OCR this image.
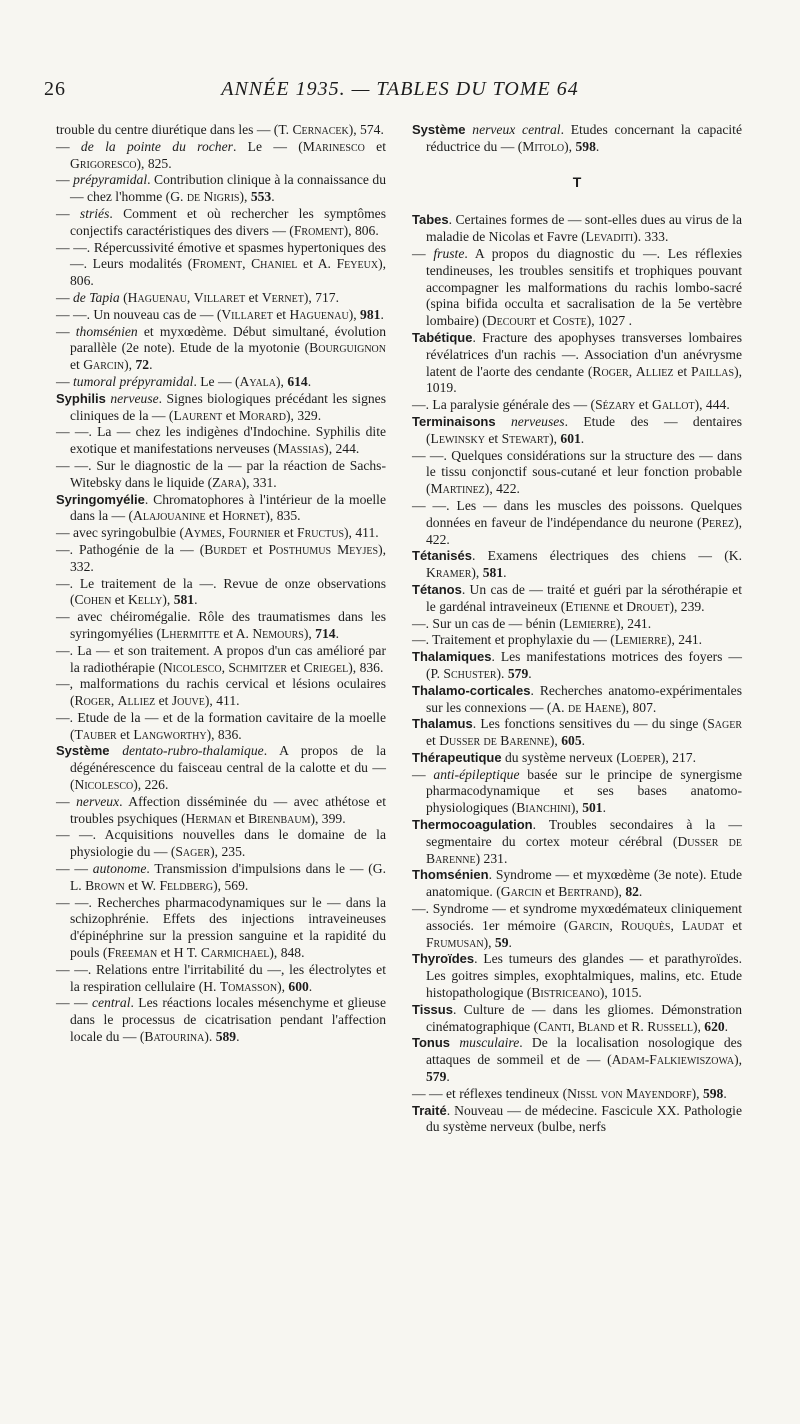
26	ANNÉE 1935. — TABLES DU TOME 64
trouble du centre diurétique dans les — (T. Cernacek), 574.
— de la pointe du rocher. Le — (Marinesco et Grigoresco), 825.
— prépyramidal. Contribution clinique à la connaissance du — chez l'homme (G. de Nigris), 553.
— striés. Comment et où rechercher les symptômes conjectifs caractéristiques des divers — (Froment), 806.
— —. Répercussivité émotive et spasmes hypertoniques des —. Leurs modalités (Froment, Chaniel et A. Feyeux), 806.
— de Tapia (Haguenau, Villaret et Vernet), 717.
— —. Un nouveau cas de — (Villaret et Haguenau), 981.
— thomsénien et myxœdème. Début simultané, évolution parallèle (2e note). Etude de la myotonie (Bourguignon et Garcin), 72.
— tumoral prépyramidal. Le — (Ayala), 614.
Syphilis nerveuse. Signes biologiques précédant les signes cliniques de la — (Laurent et Morard), 329.
— —. La — chez les indigènes d'Indochine. Syphilis dite exotique et manifestations nerveuses (Massias), 244.
— —. Sur le diagnostic de la — par la réaction de Sachs-Witebsky dans le liquide (Zara), 331.
Syringomyélie. Chromatophores à l'intérieur de la moelle dans la — (Alajouanine et Hornet), 835.
— avec syringobulbie (Aymes, Fournier et Fructus), 411.
—. Pathogénie de la — (Burdet et Posthumus Meyjes), 332.
—. Le traitement de la —. Revue de onze observations (Cohen et Kelly), 581.
— avec chéiromégalie. Rôle des traumatismes dans les syringomyélies (Lhermitte et A. Nemours), 714.
—. La — et son traitement. A propos d'un cas amélioré par la radiothérapie (Nicolesco, Schmitzer et Criegel), 836.
—, malformations du rachis cervical et lésions oculaires (Roger, Alliez et Jouve), 411.
—. Etude de la — et de la formation cavitaire de la moelle (Tauber et Langworthy), 836.
Système dentato-rubro-thalamique. A propos de la dégénérescence du faisceau central de la calotte et du — (Nicolesco), 226.
— nerveux. Affection disséminée du — avec athétose et troubles psychiques (Herman et Birenbaum), 399.
— —. Acquisitions nouvelles dans le domaine de la physiologie du — (Sager), 235.
— — autonome. Transmission d'impulsions dans le — (G. L. Brown et W. Feldberg), 569.
— —. Recherches pharmacodynamiques sur le — dans la schizophrénie. Effets des injections intraveineuses d'épinéphrine sur la pression sanguine et la rapidité du pouls (Freeman et H T. Carmichael), 848.
— —. Relations entre l'irritabilité du —, les électrolytes et la respiration cellulaire (H. Tomasson), 600.
— — central. Les réactions locales mésenchyme et glieuse dans le processus de cicatrisation pendant l'affection locale du — (Batourina). 589.
Système nerveux central. Etudes concernant la capacité réductrice du — (Mitolo), 598.
T
Tabes. Certaines formes de — sont-elles dues au virus de la maladie de Nicolas et Favre (Levaditi). 333.
— fruste. A propos du diagnostic du —. Les réflexies tendineuses, les troubles sensitifs et trophiques pouvant accompagner les malformations du rachis lombo-sacré (spina bifida occulta et sacralisation de la 5e vertèbre lombaire) (Decourt et Coste), 1027 .
Tabétique. Fracture des apophyses transverses lombaires révélatrices d'un rachis —. Association d'un anévrysme latent de l'aorte des cendante (Roger, Alliez et Paillas), 1019.
—. La paralysie générale des — (Sézary et Gallot), 444.
Terminaisons nerveuses. Etude des — dentaires (Lewinsky et Stewart), 601.
— —. Quelques considérations sur la structure des — dans le tissu conjonctif sous-cutané et leur fonction probable (Martinez), 422.
— —. Les — dans les muscles des poissons. Quelques données en faveur de l'indépendance du neurone (Perez), 422.
Tétanisés. Examens électriques des chiens — (K. Kramer), 581.
Tétanos. Un cas de — traité et guéri par la sérothérapie et le gardénal intraveineux (Etienne et Drouet), 239.
—. Sur un cas de — bénin (Lemierre), 241.
—. Traitement et prophylaxie du — (Lemierre), 241.
Thalamiques. Les manifestations motrices des foyers — (P. Schuster). 579.
Thalamo-corticales. Recherches anatomo-expérimentales sur les connexions — (A. de Haene), 807.
Thalamus. Les fonctions sensitives du — du singe (Sager et Dusser de Barenne), 605.
Thérapeutique du système nerveux (Loeper), 217.
— anti-épileptique basée sur le principe de synergisme pharmacodynamique et ses bases anatomo-physiologiques (Bianchini), 501.
Thermocoagulation. Troubles secondaires à la — segmentaire du cortex moteur cérébral (Dusser de Barenne) 231.
Thomsénien. Syndrome — et myxœdème (3e note). Etude anatomique. (Garcin et Bertrand), 82.
—. Syndrome — et syndrome myxœdémateux cliniquement associés. 1er mémoire (Garcin, Rouquès, Laudat et Frumusan), 59.
Thyroïdes. Les tumeurs des glandes — et parathyroïdes. Les goitres simples, exophtalmiques, malins, etc. Etude histopathologique (Bistriceano), 1015.
Tissus. Culture de — dans les gliomes. Démonstration cinématographique (Canti, Bland et R. Russell), 620.
Tonus musculaire. De la localisation nosologique des attaques de sommeil et de — (Adam-Falkiewiszowa), 579.
— — et réflexes tendineux (Nissl von Mayendorf), 598.
Traité. Nouveau — de médecine. Fascicule XX. Pathologie du système nerveux (bulbe, nerfs
